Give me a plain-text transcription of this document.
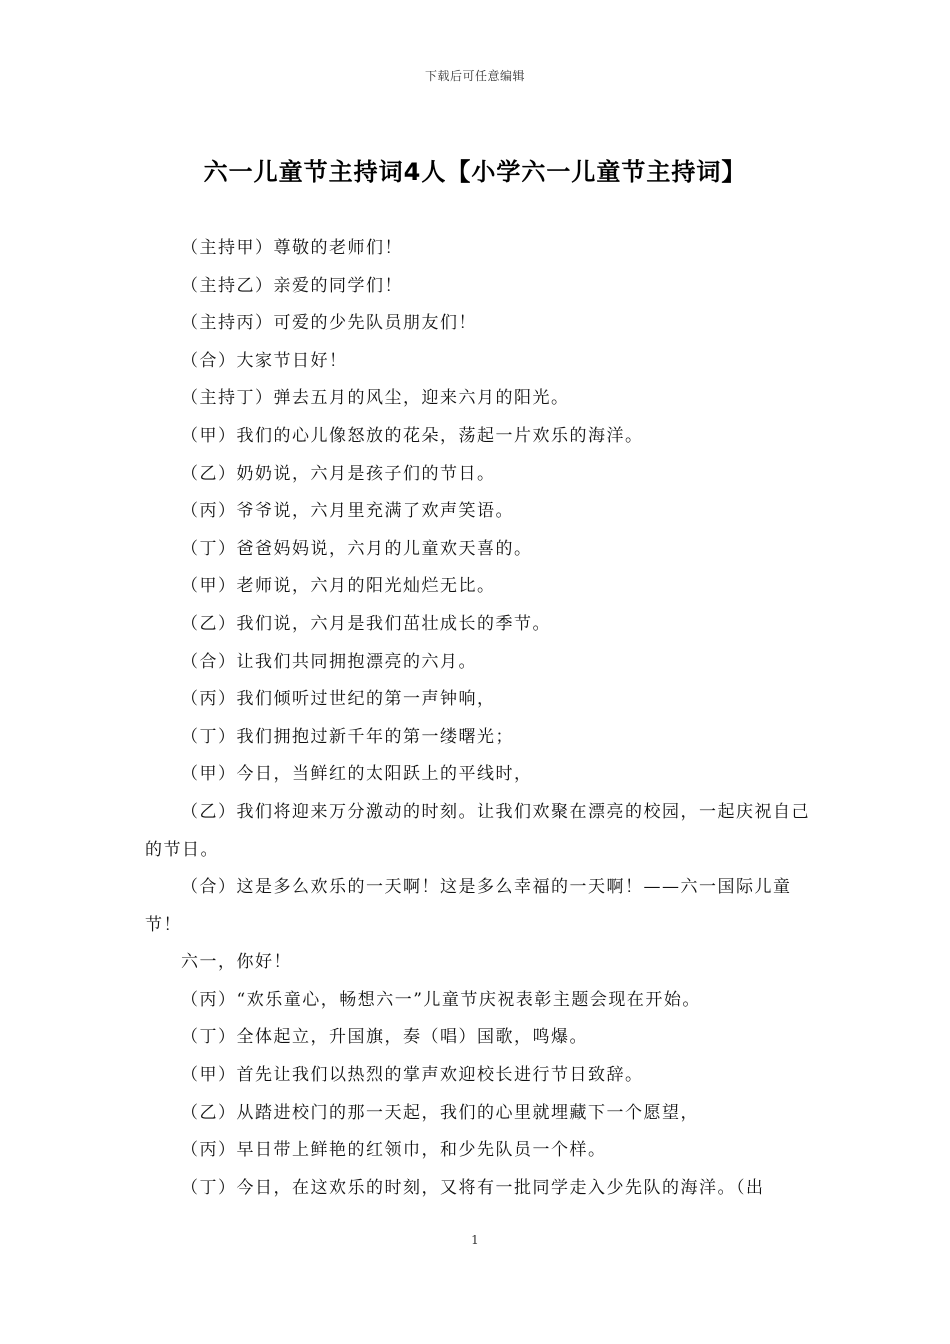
下载后可任意编辑
六一儿童节主持词4人【小学六一儿童节主持词】

（主持甲）尊敬的老师们！

（主持乙）亲爱的同学们！

（主持丙）可爱的少先队员朋友们！

（合）大家节日好！

（主持丁）弹去五月的风尘，迎来六月的阳光。

（甲）我们的心儿像怒放的花朵，荡起一片欢乐的海洋。

（乙）奶奶说，六月是孩子们的节日。

（丙）爷爷说，六月里充满了欢声笑语。

（丁）爸爸妈妈说，六月的儿童欢天喜的。

（甲）老师说，六月的阳光灿烂无比。

（乙）我们说，六月是我们茁壮成长的季节。

（合）让我们共同拥抱漂亮的六月。

（丙）我们倾听过世纪的第一声钟响，

（丁）我们拥抱过新千年的第一缕曙光；

（甲）今日，当鲜红的太阳跃上的平线时，

（乙）我们将迎来万分激动的时刻。让我们欢聚在漂亮的校园，一起庆祝自己的节日。

（合）这是多么欢乐的一天啊！这是多么幸福的一天啊！——六一国际儿童节！

六一，你好！

（丙）“欢乐童心，畅想六一”儿童节庆祝表彰主题会现在开始。

（丁）全体起立，升国旗，奏（唱）国歌，鸣爆。

（甲）首先让我们以热烈的掌声欢迎校长进行节日致辞。

（乙）从踏进校门的那一天起，我们的心里就埋藏下一个愿望，

（丙）早日带上鲜艳的红领巾，和少先队员一个样。

（丁）今日，在这欢乐的时刻，又将有一批同学走入少先队的海洋。（出

1
